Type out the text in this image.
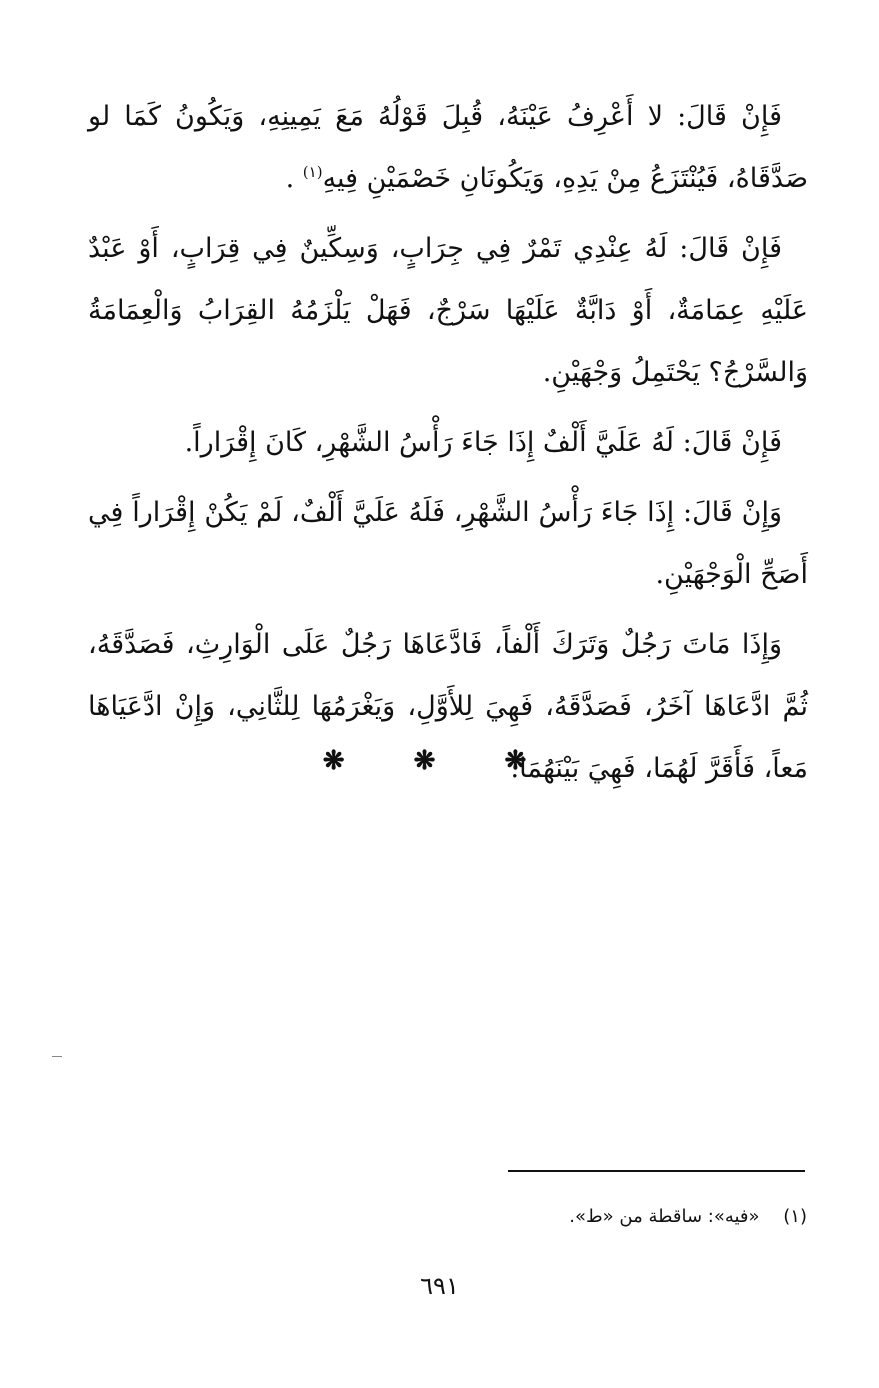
فَإِنْ قَالَ: لا أَعْرِفُ عَيْنَهُ، قُبِلَ قَوْلُهُ مَعَ يَمِينِهِ، وَيَكُونُ كَمَا لو صَدَّقَاهُ، فَيُنْتَزَعُ مِنْ يَدِهِ، وَيَكُونَانِ خَصْمَيْنِ فِيهِ$^{(١)}$ .

فَإِنْ قَالَ: لَهُ عِنْدِي تَمْرٌ فِي جِرَابٍ، وَسِكِّينٌ فِي قِرَابٍ، أَوْ عَبْدٌ عَلَيْهِ عِمَامَةٌ، أَوْ دَابَّةٌ عَلَيْهَا سَرْجٌ، فَهَلْ يَلْزَمُهُ القِرَابُ وَالْعِمَامَةُ وَالسَّرْجُ؟ يَحْتَمِلُ وَجْهَيْنِ.

فَإِنْ قَالَ: لَهُ عَلَيَّ أَلْفٌ إِذَا جَاءَ رَأْسُ الشَّهْرِ، كَانَ إِقْرَاراً.

وَإِنْ قَالَ: إِذَا جَاءَ رَأْسُ الشَّهْرِ، فَلَهُ عَلَيَّ أَلْفٌ، لَمْ يَكُنْ إِقْرَاراً فِي أَصَحِّ الْوَجْهَيْنِ.

وَإِذَا مَاتَ رَجُلٌ وَتَرَكَ أَلْفاً، فَادَّعَاهَا رَجُلٌ عَلَى الْوَارِثِ، فَصَدَّقَهُ، ثُمَّ ادَّعَاهَا آخَرُ، فَصَدَّقَهُ، فَهِيَ لِلأَوَّلِ، وَيَغْرَمُهَا لِلثَّانِي، وَإِنْ ادَّعَيَاهَا مَعاً، فَأَقَرَّ لَهُمَا، فَهِيَ بَيْنَهُمَا.

❋ ❋ ❋
(١) «فيه»: ساقطة من «ط».
٦٩١
